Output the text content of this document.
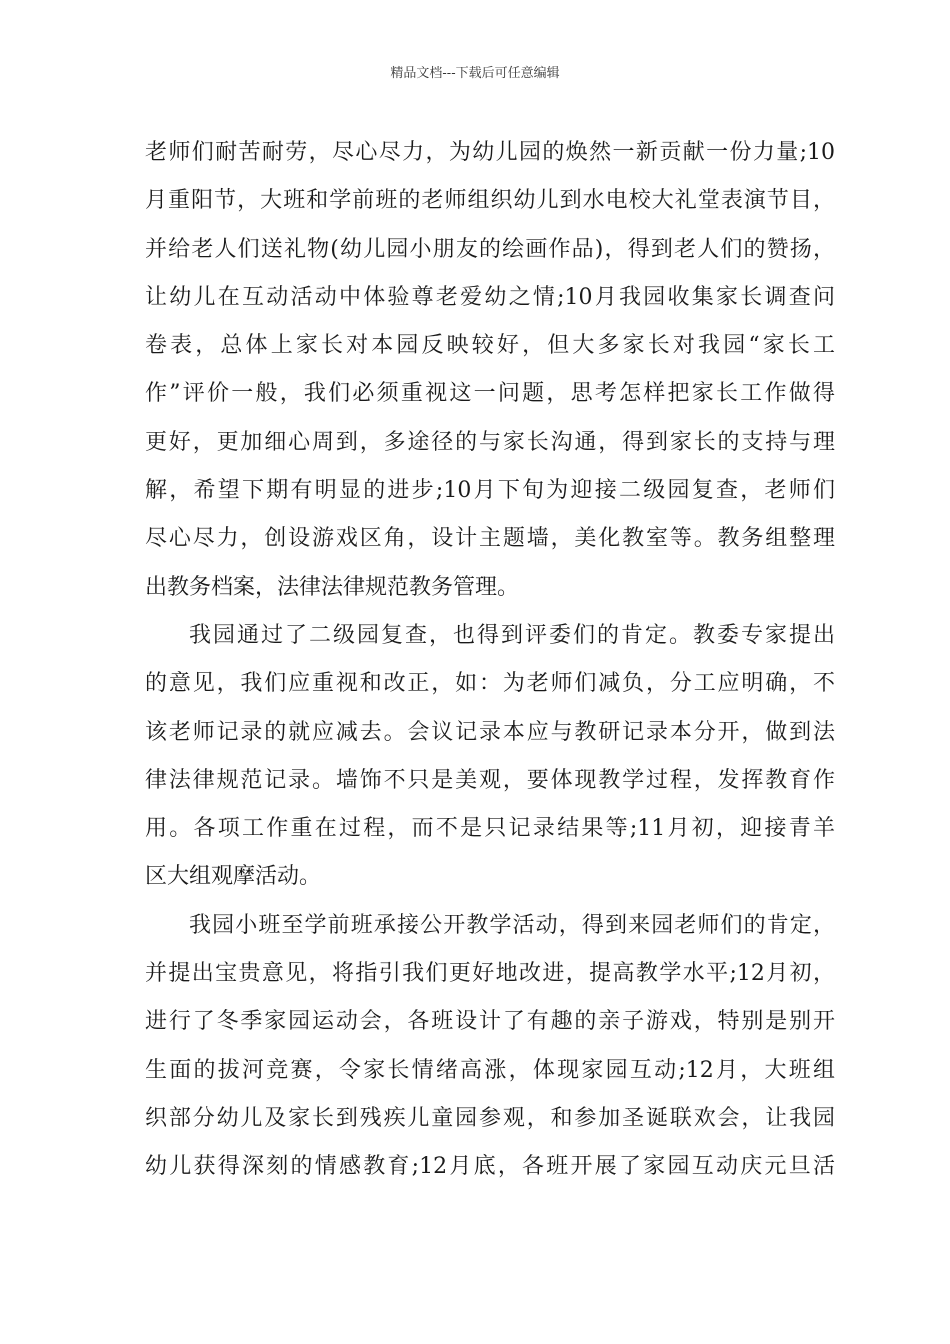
精品文档---下载后可任意编辑
老师们耐苦耐劳，尽心尽力，为幼儿园的焕然一新贡献一份力量;10
月重阳节，大班和学前班的老师组织幼儿到水电校大礼堂表演节目，
并给老人们送礼物(幼儿园小朋友的绘画作品)，得到老人们的赞扬，
让幼儿在互动活动中体验尊老爱幼之情;10月我园收集家长调查问
卷表，总体上家长对本园反映较好，但大多家长对我园“家长工
作”评价一般，我们必须重视这一问题，思考怎样把家长工作做得
更好，更加细心周到，多途径的与家长沟通，得到家长的支持与理
解，希望下期有明显的进步;10月下旬为迎接二级园复查，老师们
尽心尽力，创设游戏区角，设计主题墙，美化教室等。教务组整理
出教务档案，法律法律规范教务管理。
我园通过了二级园复查，也得到评委们的肯定。教委专家提出
的意见，我们应重视和改正，如：为老师们减负，分工应明确，不
该老师记录的就应减去。会议记录本应与教研记录本分开，做到法
律法律规范记录。墙饰不只是美观，要体现教学过程，发挥教育作
用。各项工作重在过程，而不是只记录结果等;11月初，迎接青羊
区大组观摩活动。
我园小班至学前班承接公开教学活动，得到来园老师们的肯定，
并提出宝贵意见，将指引我们更好地改进，提高教学水平;12月初，
进行了冬季家园运动会，各班设计了有趣的亲子游戏，特别是别开
生面的拔河竞赛，令家长情绪高涨，体现家园互动;12月，大班组
织部分幼儿及家长到残疾儿童园参观，和参加圣诞联欢会，让我园
幼儿获得深刻的情感教育;12月底，各班开展了家园互动庆元旦活
